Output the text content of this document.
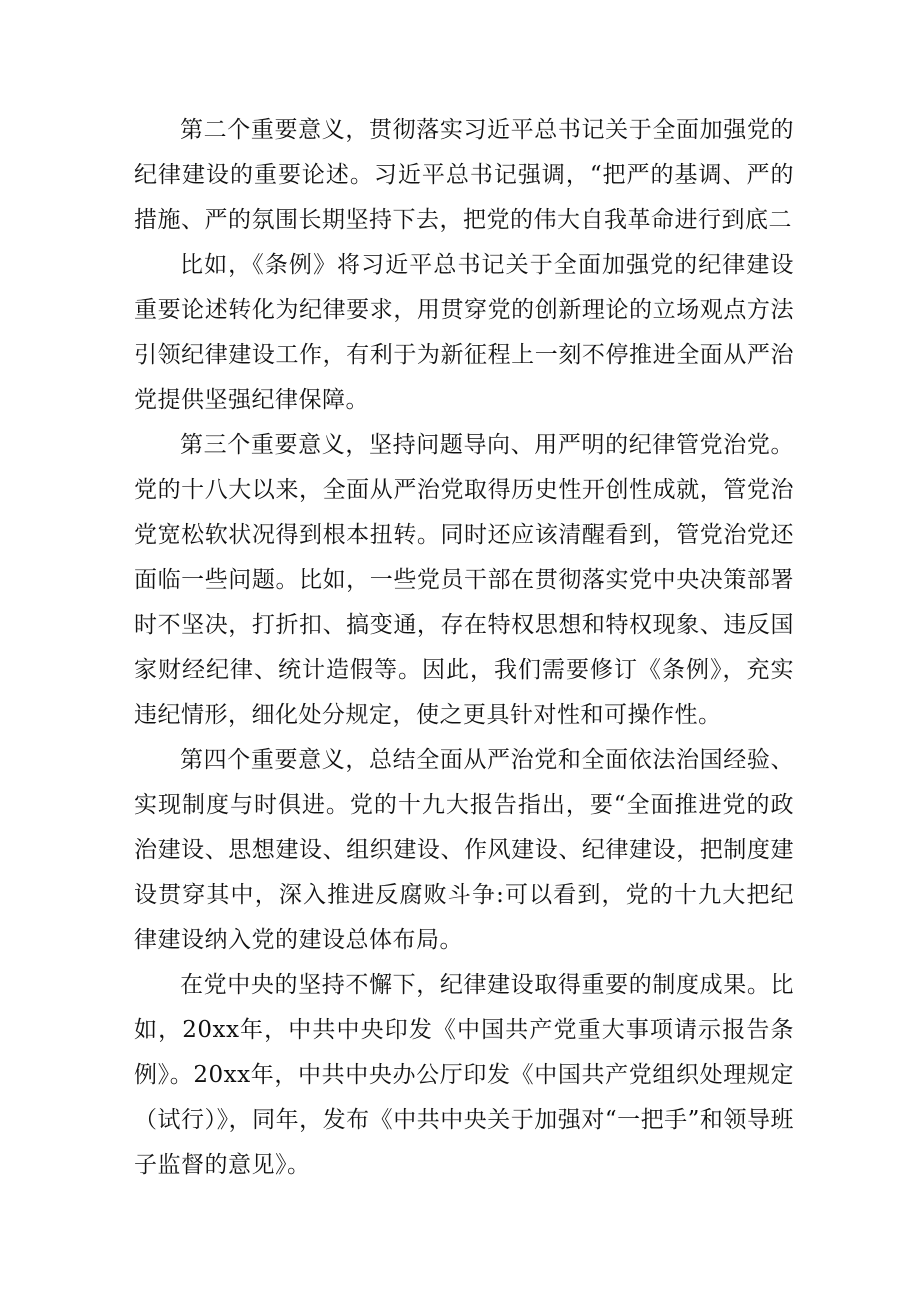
第二个重要意义，贯彻落实习近平总书记关于全面加强党的纪律建设的重要论述。习近平总书记强调，“把严的基调、严的措施、严的氛围长期坚持下去，把党的伟大自我革命进行到底二

比如，《条例》将习近平总书记关于全面加强党的纪律建设重要论述转化为纪律要求，用贯穿党的创新理论的立场观点方法引领纪律建设工作，有利于为新征程上一刻不停推进全面从严治党提供坚强纪律保障。

第三个重要意义，坚持问题导向、用严明的纪律管党治党。党的十八大以来，全面从严治党取得历史性开创性成就，管党治党宽松软状况得到根本扭转。同时还应该清醒看到，管党治党还面临一些问题。比如，一些党员干部在贯彻落实党中央决策部署时不坚决，打折扣、搞变通，存在特权思想和特权现象、违反国家财经纪律、统计造假等。因此，我们需要修订《条例》，充实违纪情形，细化处分规定，使之更具针对性和可操作性。

第四个重要意义，总结全面从严治党和全面依法治国经验、实现制度与时俱进。党的十九大报告指出，要“全面推进党的政治建设、思想建设、组织建设、作风建设、纪律建设，把制度建设贯穿其中，深入推进反腐败斗争:可以看到，党的十九大把纪律建设纳入党的建设总体布局。

在党中央的坚持不懈下，纪律建设取得重要的制度成果。比如，20xx年，中共中央印发《中国共产党重大事项请示报告条例》。20xx年，中共中央办公厅印发《中国共产党组织处理规定（试行）》，同年，发布《中共中央关于加强对“一把手”和领导班子监督的意见》。
